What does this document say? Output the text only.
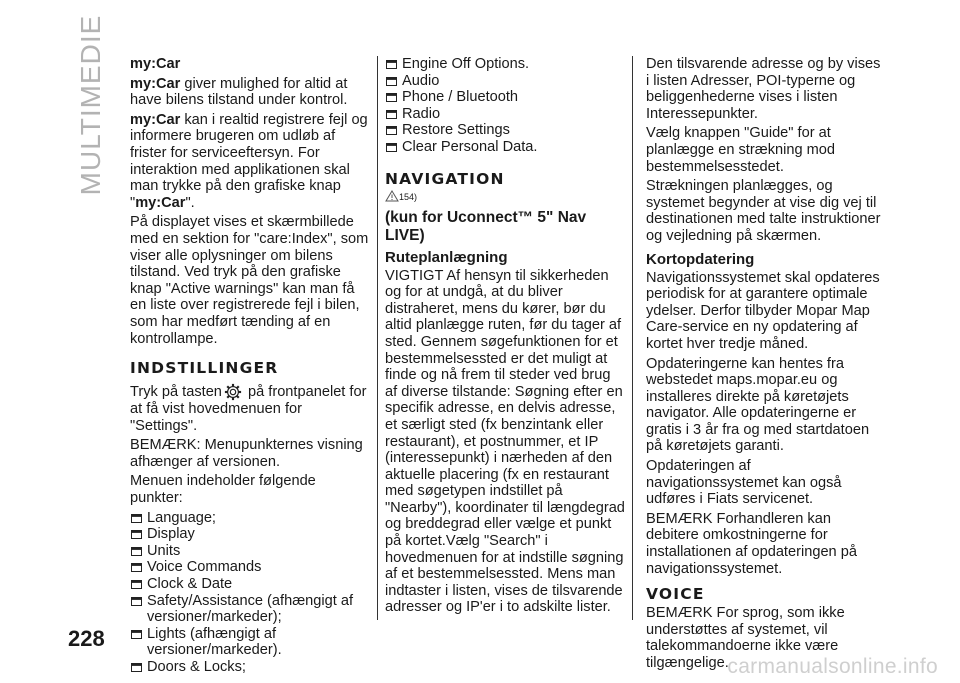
MULTIMEDIE my:Car

my:Car giver mulighed for altid at have bilens tilstand under kontrol.

my:Car kan i realtid registrere fejl og informere brugeren om udløb af frister for serviceeftersyn. For interaktion med applikationen skal man trykke på den grafiske knap "my:Car".

På displayet vises et skærmbillede med en sektion for "care:Index", som viser alle oplysninger om bilens tilstand. Ved tryk på den grafiske knap "Active warnings" kan man få en liste over registrerede fejl i bilen, som har medført tænding af en kontrollampe.

INDSTILLINGER

Tryk på tasten på frontpanelet for at få vist hovedmenuen for "Settings".

BEMÆRK: Menupunkternes visning afhænger af versionen.

Menuen indeholder følgende punkter:

Language;
Display
Units
Voice Commands
Clock & Date
Safety/Assistance (afhængigt af versioner/markeder);
Lights (afhængigt af versioner/markeder).
Doors & Locks;
Engine Off Options.
Audio
Phone / Bluetooth
Radio
Restore Settings
Clear Personal Data.
NAVIGATION
154)
(kun for Uconnect™ 5" Nav LIVE)
Ruteplanlægning

VIGTIGT Af hensyn til sikkerheden og for at undgå, at du bliver distraheret, mens du kører, bør du altid planlægge ruten, før du tager af sted. Gennem søgefunktionen for et bestemmelsessted er det muligt at finde og nå frem til steder ved brug af diverse tilstande: Søgning efter en specifik adresse, en delvis adresse, et særligt sted (fx benzintank eller restaurant), et postnummer, et IP (interessepunkt) i nærheden af den aktuelle placering (fx en restaurant med søgetypen indstillet på "Nearby"), koordinater til længdegrad og breddegrad eller vælge et punkt på kortet.Vælg "Search" i hovedmenuen for at indstille søgning af et bestemmelsessted. Mens man indtaster i listen, vises de tilsvarende adresser og IP'er i to adskilte lister.

Den tilsvarende adresse og by vises i listen Adresser, POI-typerne og beliggenhederne vises i listen Interessepunkter.

Vælg knappen "Guide" for at planlægge en strækning mod bestemmelsesstedet.

Strækningen planlægges, og systemet begynder at vise dig vej til destinationen med talte instruktioner og vejledning på skærmen.

Kortopdatering

Navigationssystemet skal opdateres periodisk for at garantere optimale ydelser. Derfor tilbyder Mopar Map Care-service en ny opdatering af kortet hver tredje måned.

Opdateringerne kan hentes fra webstedet maps.mopar.eu og installeres direkte på køretøjets navigator. Alle opdateringerne er gratis i 3 år fra og med startdatoen på køretøjets garanti.

Opdateringen af navigationssystemet kan også udføres i Fiats servicenet.

BEMÆRK Forhandleren kan debitere omkostningerne for installationen af opdateringen på navigationssystemet.

VOICE

BEMÆRK For sprog, som ikke understøttes af systemet, vil talekommandoerne ikke være tilgængelige.

228
carmanualsonline.info
